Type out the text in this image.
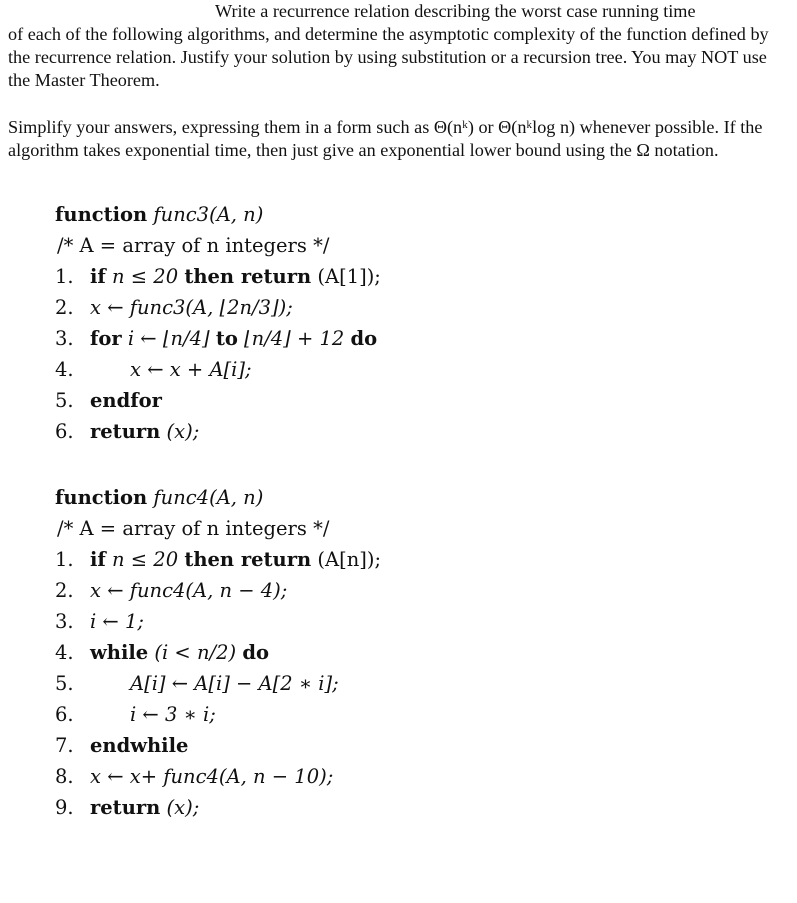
Write a recurrence relation describing the worst case running time
of each of the following algorithms, and determine the asymptotic complexity of the function defined by the recurrence relation. Justify your solution by using substitution or a recursion tree. You may NOT use the Master Theorem.

Simplify your answers, expressing them in a form such as Θ(nᵏ) or Θ(nᵏlog n) whenever possible. If the algorithm takes exponential time, then just give an exponential lower bound using the Ω notation.

function func3(A, n)
/* A = array of n integers */
1. if n ≤ 20 then return (A[1]);
2. x ← func3(A, ⌊2n/3⌋);
3. for i ← ⌊n/4⌋ to ⌊n/4⌋ + 12 do
4.	x ← x + A[i];
5. endfor
6. return (x);
function func4(A, n)
/* A = array of n integers */
1. if n ≤ 20 then return (A[n]);
2. x ← func4(A, n − 4);
3. i ← 1;
4. while (i < n/2) do
5.	A[i] ← A[i] − A[2 ∗ i];
6.	i ← 3 ∗ i;
7. endwhile
8. x ← x+ func4(A, n − 10);
9. return (x);
